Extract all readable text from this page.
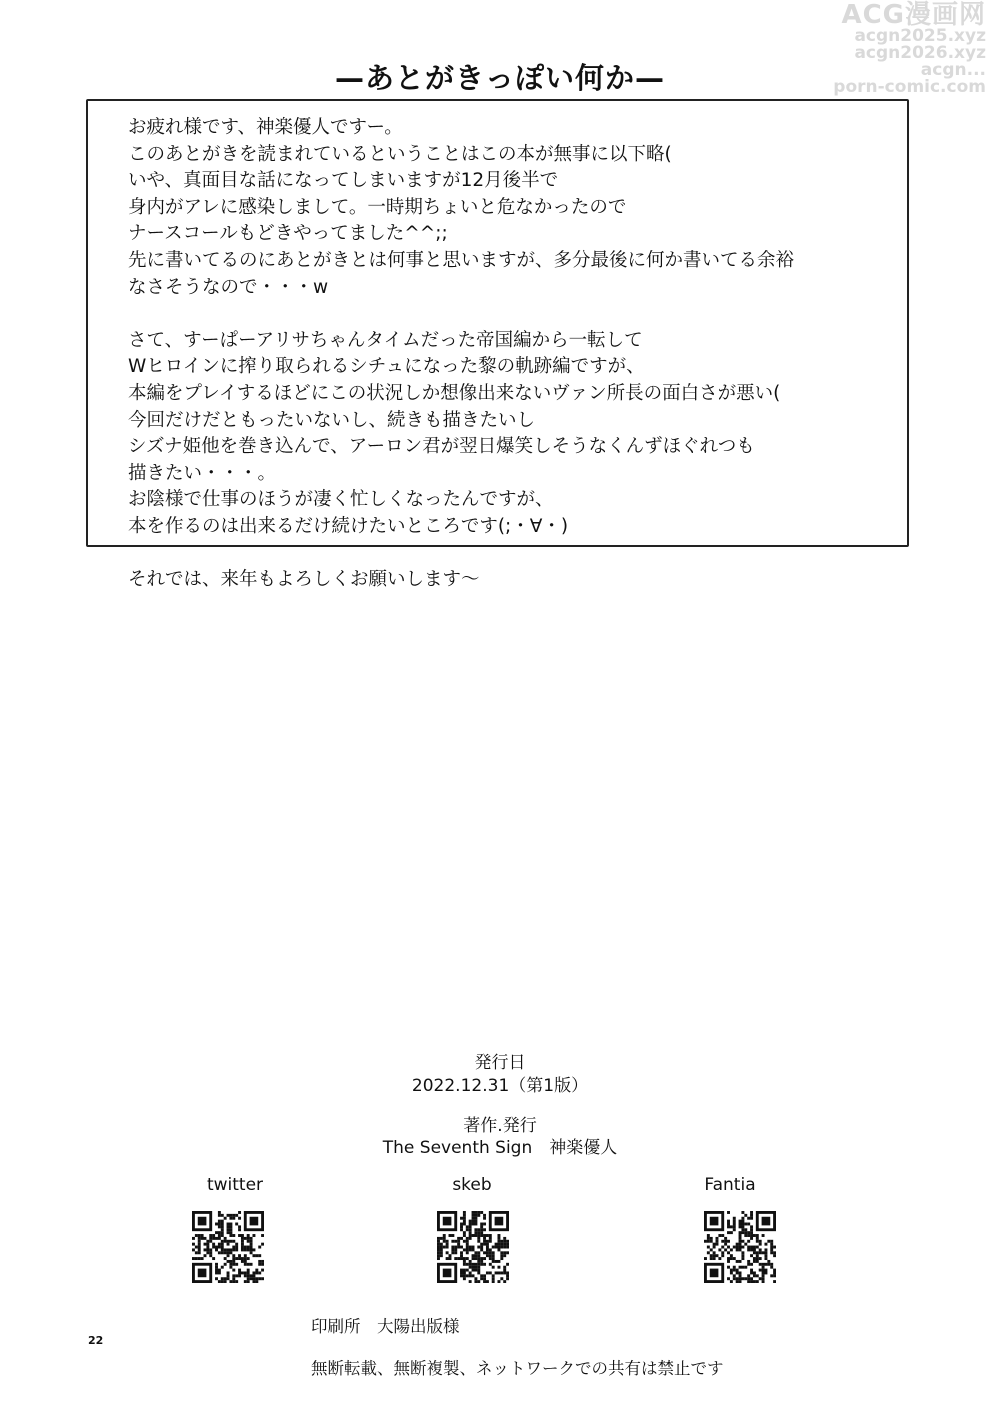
ACG漫画网
acgn2025.xyz
acgn2026.xyz
acgn...
porn-comic.com
—あとがきっぽい何か—
お疲れ様です、神楽優人ですー。
このあとがきを読まれているということはこの本が無事に以下略(
いや、真面目な話になってしまいますが12月後半で
身内がアレに感染しまして。一時期ちょいと危なかったので
ナースコールもどきやってました^^;;
先に書いてるのにあとがきとは何事と思いますが、多分最後に何か書いてる余裕
なさそうなので・・・w
さて、すーぱーアリサちゃんタイムだった帝国編から一転して
Wヒロインに搾り取られるシチュになった黎の軌跡編ですが、
本編をプレイするほどにこの状況しか想像出来ないヴァン所長の面白さが悪い(
今回だけだともったいないし、続きも描きたいし
シズナ姫他を巻き込んで、アーロン君が翌日爆笑しそうなくんずほぐれつも
描きたい・・・。
お陰様で仕事のほうが凄く忙しくなったんですが、
本を作るのは出来るだけ続けたいところです(;・∀・)
それでは、来年もよろしくお願いします〜
発行日
2022.12.31（第1版）
著作.発行
The Seventh Sign　神楽優人
twitter	skeb	Fantia
印刷所　大陽出版様
22
無断転載、無断複製、ネットワークでの共有は禁止です
